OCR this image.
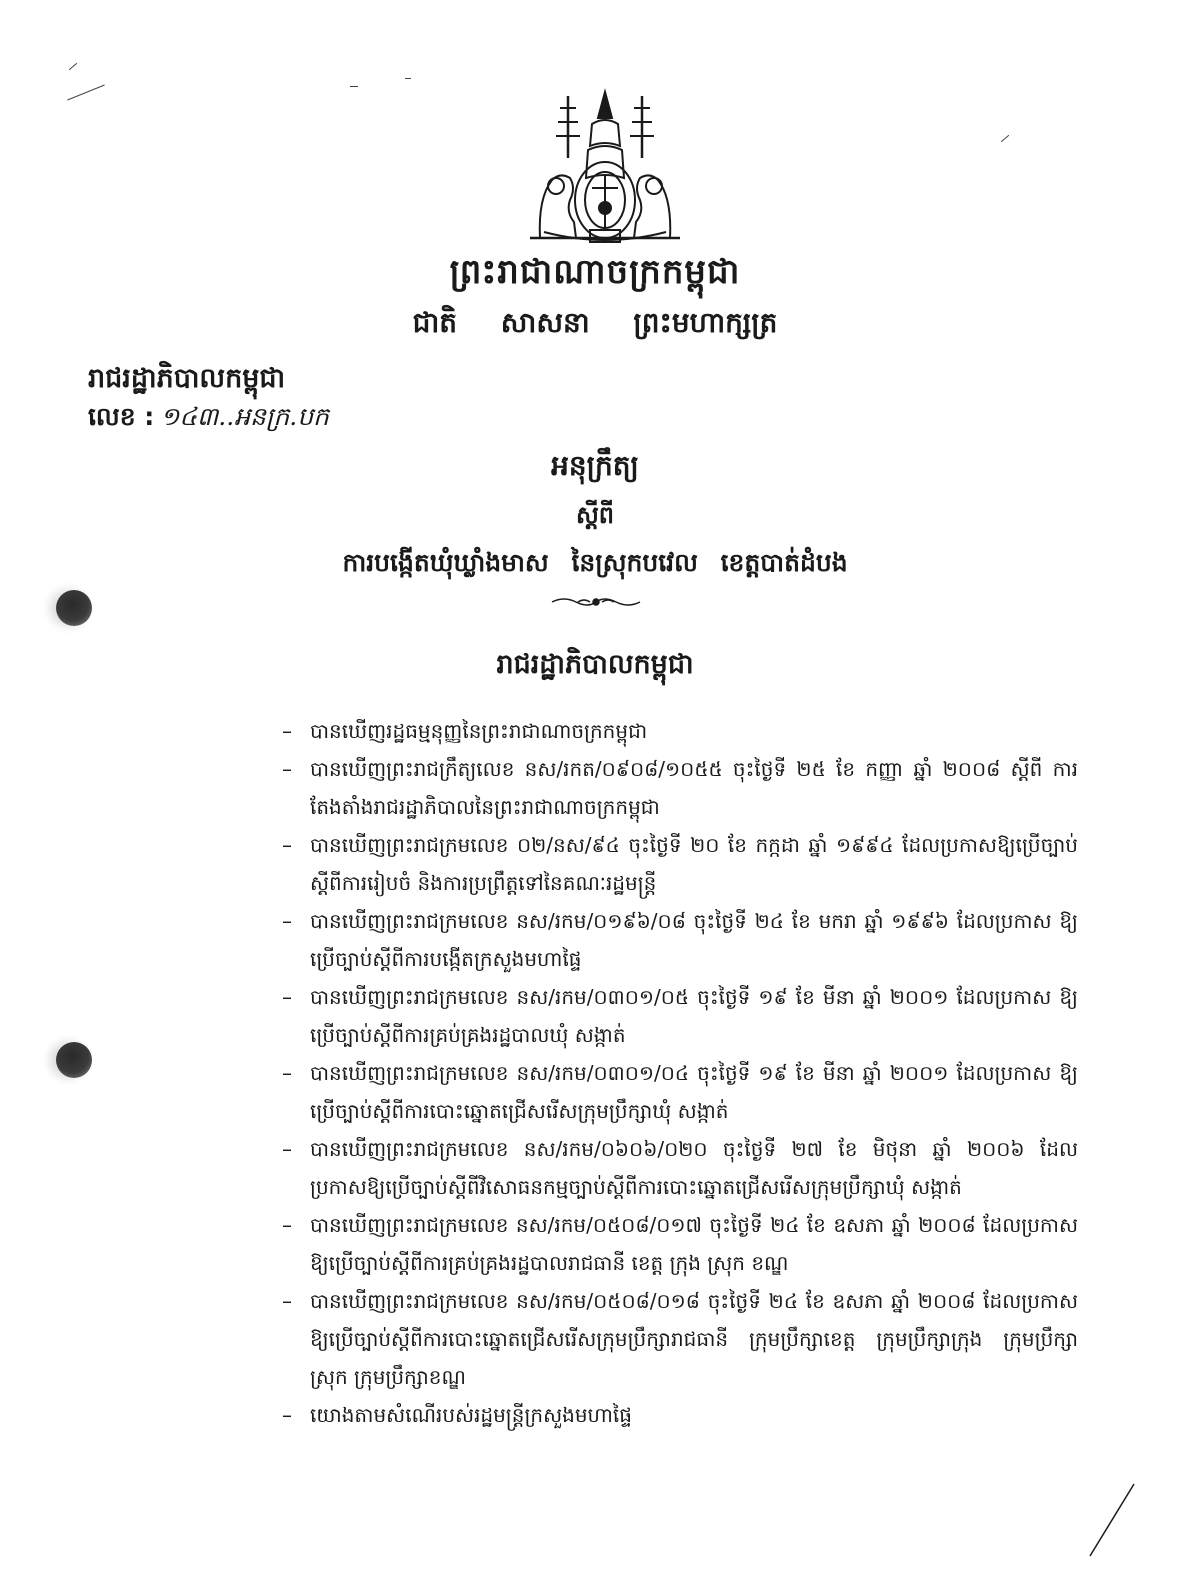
ព្រះរាជាណាចក្រកម្ពុជា
ជាតិ សាសនា ព្រះមហាក្សត្រ
រាជរដ្ឋាភិបាលកម្ពុជា
លេខ : ១៤៣..អនក្រ.បក
អនុក្រឹត្យ
ស្តីពី
ការបង្កើតឃុំឃ្លាំងមាស នៃស្រុកបវេល ខេត្តបាត់ដំបង
រាជរដ្ឋាភិបាលកម្ពុជា
– បានឃើញរដ្ឋធម្មនុញ្ញនៃព្រះរាជាណាចក្រកម្ពុជា
– បានឃើញព្រះរាជក្រឹត្យលេខ នស/រកត/០៩០៨/១០៥៥ ចុះថ្ងៃទី ២៥ ខែ កញ្ញា ឆ្នាំ ២០០៨ ស្តីពី ការតែងតាំងរាជរដ្ឋាភិបាលនៃព្រះរាជាណាចក្រកម្ពុជា
– បានឃើញព្រះរាជក្រមលេខ ០២/នស/៩៤ ចុះថ្ងៃទី ២០ ខែ កក្កដា ឆ្នាំ ១៩៩៤ ដែលប្រកាសឱ្យប្រើច្បាប់ ស្តីពីការរៀបចំ និងការប្រព្រឹត្តទៅនៃគណៈរដ្ឋមន្ត្រី
– បានឃើញព្រះរាជក្រមលេខ នស/រកម/០១៩៦/០៨ ចុះថ្ងៃទី ២៤ ខែ មករា ឆ្នាំ ១៩៩៦ ដែលប្រកាស ឱ្យប្រើច្បាប់ស្តីពីការបង្កើតក្រសួងមហាផ្ទៃ
– បានឃើញព្រះរាជក្រមលេខ នស/រកម/០៣០១/០៥ ចុះថ្ងៃទី ១៩ ខែ មីនា ឆ្នាំ ២០០១ ដែលប្រកាស ឱ្យប្រើច្បាប់ស្តីពីការគ្រប់គ្រងរដ្ឋបាលឃុំ សង្កាត់
– បានឃើញព្រះរាជក្រមលេខ នស/រកម/០៣០១/០៤ ចុះថ្ងៃទី ១៩ ខែ មីនា ឆ្នាំ ២០០១ ដែលប្រកាស ឱ្យប្រើច្បាប់ស្តីពីការបោះឆ្នោតជ្រើសរើសក្រុមប្រឹក្សាឃុំ សង្កាត់
– បានឃើញព្រះរាជក្រមលេខ នស/រកម/០៦០៦/០២០ ចុះថ្ងៃទី ២៧ ខែ មិថុនា ឆ្នាំ ២០០៦ ដែល ប្រកាសឱ្យប្រើច្បាប់ស្តីពីវិសោធនកម្មច្បាប់ស្តីពីការបោះឆ្នោតជ្រើសរើសក្រុមប្រឹក្សាឃុំ សង្កាត់
– បានឃើញព្រះរាជក្រមលេខ នស/រកម/០៥០៨/០១៧ ចុះថ្ងៃទី ២៤ ខែ ឧសភា ឆ្នាំ ២០០៨ ដែលប្រកាស ឱ្យប្រើច្បាប់ស្តីពីការគ្រប់គ្រងរដ្ឋបាលរាជធានី ខេត្ត ក្រុង ស្រុក ខណ្ឌ
– បានឃើញព្រះរាជក្រមលេខ នស/រកម/០៥០៨/០១៨ ចុះថ្ងៃទី ២៤ ខែ ឧសភា ឆ្នាំ ២០០៨ ដែលប្រកាស ឱ្យប្រើច្បាប់ស្តីពីការបោះឆ្នោតជ្រើសរើសក្រុមប្រឹក្សារាជធានី ក្រុមប្រឹក្សាខេត្ត ក្រុមប្រឹក្សាក្រុង ក្រុមប្រឹក្សា ស្រុក ក្រុមប្រឹក្សាខណ្ឌ
– យោងតាមសំណើរបស់រដ្ឋមន្ត្រីក្រសួងមហាផ្ទៃ
